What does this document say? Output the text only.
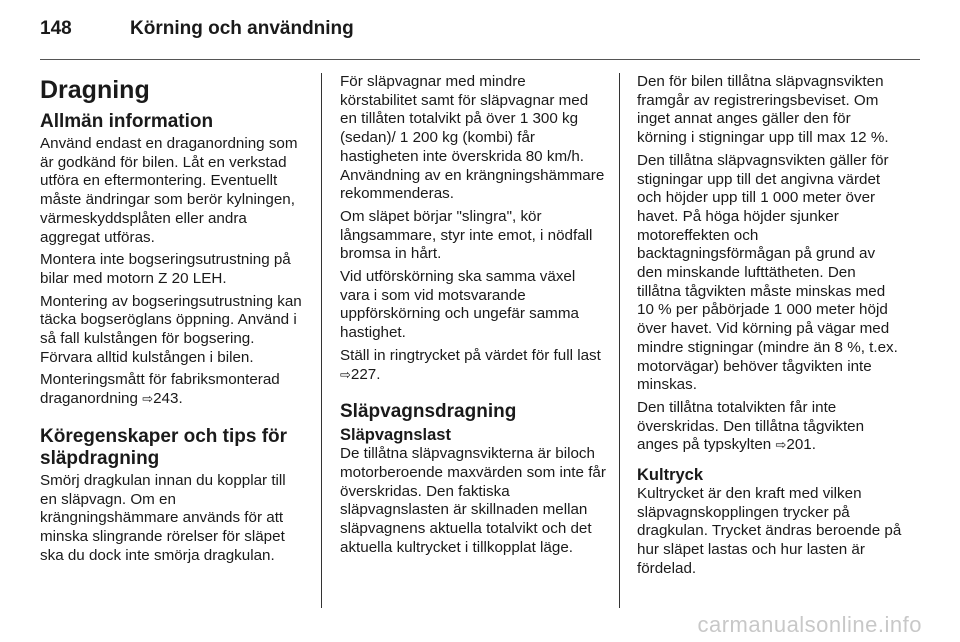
148	Körning och användning
Dragning
Allmän information

Använd endast en draganordning som är godkänd för bilen. Låt en verkstad utföra en eftermontering. Eventuellt måste ändringar som berör kylningen, värmeskyddsplåten eller andra aggregat utföras.

Montera inte bogseringsutrustning på bilar med motorn Z 20 LEH.

Montering av bogseringsutrustning kan täcka bogseröglans öppning. Använd i så fall kulstången för bogsering. Förvara alltid kulstången i bilen.

Monteringsmått för fabriksmonterad draganordning ⇨ 243.

Köregenskaper och tips för släpdragning

Smörj dragkulan innan du kopplar till en släpvagn. Om en krängningshämmare används för att minska slingrande rörelser för släpet ska du dock inte smörja dragkulan.

För släpvagnar med mindre körstabilitet samt för släpvagnar med en tillåten totalvikt på över 1 300 kg (sedan)/ 1 200 kg (kombi) får hastigheten inte överskrida 80 km/h. Användning av en krängningshämmare rekommenderas.

Om släpet börjar "slingra", kör långsammare, styr inte emot, i nödfall bromsa in hårt.

Vid utförskörning ska samma växel vara i som vid motsvarande uppförskörning och ungefär samma hastighet.

Ställ in ringtrycket på värdet för full last ⇨ 227.

Släpvagnsdragning
Släpvagnslast

De tillåtna släpvagnsvikterna är biloch motorberoende maxvärden som inte får överskridas. Den faktiska släpvagnslasten är skillnaden mellan släpvagnens aktuella totalvikt och det aktuella kultrycket i tillkopplat läge.

Den för bilen tillåtna släpvagnsvikten framgår av registreringsbeviset. Om inget annat anges gäller den för körning i stigningar upp till max 12 %.

Den tillåtna släpvagnsvikten gäller för stigningar upp till det angivna värdet och höjder upp till 1 000 meter över havet. På höga höjder sjunker motoreffekten och backtagningsförmågan på grund av den minskande lufttätheten. Den tillåtna tågvikten måste minskas med 10 % per påbörjade 1 000 meter höjd över havet. Vid körning på vägar med mindre stigningar (mindre än 8 %, t.ex. motorvägar) behöver tågvikten inte minskas.

Den tillåtna totalvikten får inte överskridas. Den tillåtna tågvikten anges på typskylten ⇨ 201.

Kultryck

Kultrycket är den kraft med vilken släpvagnskopplingen trycker på dragkulan. Trycket ändras beroende på hur släpet lastas och hur lasten är fördelad.

carmanualsonline.info
